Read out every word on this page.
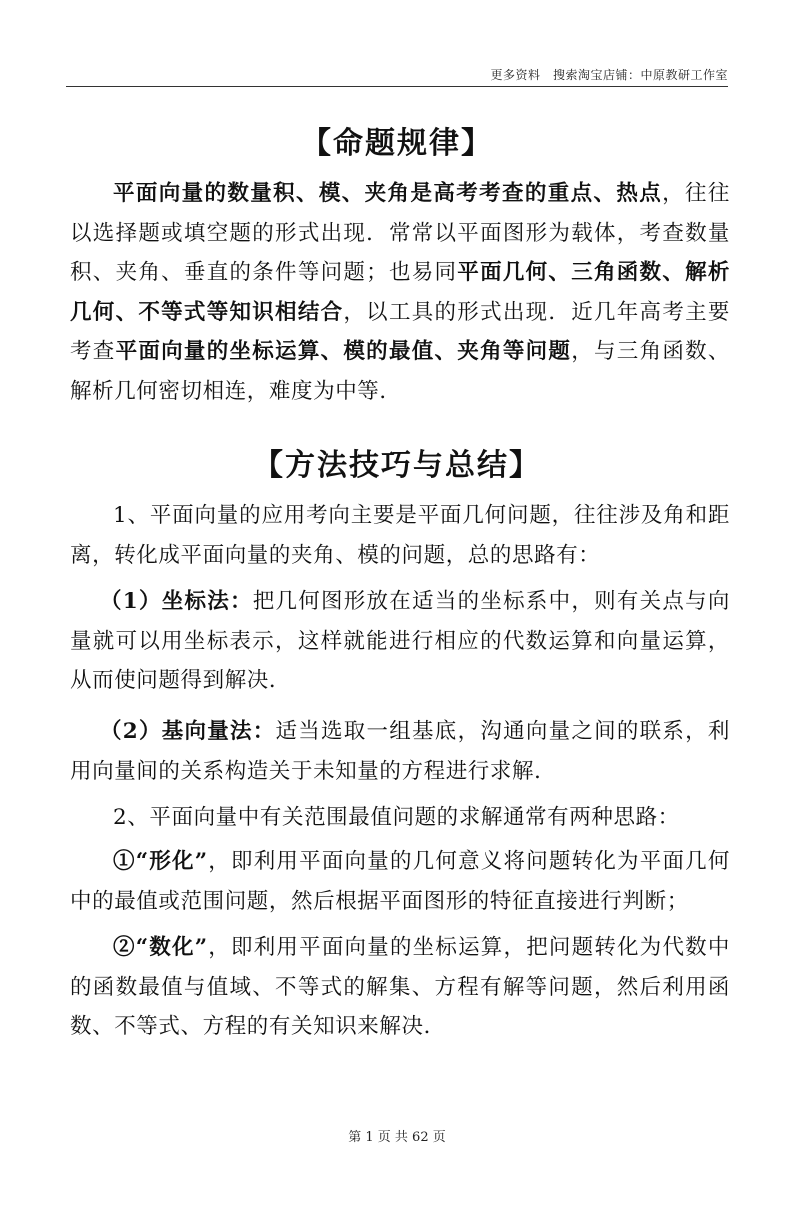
更多资料　搜索淘宝店铺：中原教研工作室
【命题规律】

平面向量的数量积、模、夹角是高考考查的重点、热点，往往以选择题或填空题的形式出现．常常以平面图形为载体，考查数量积、夹角、垂直的条件等问题；也易同平面几何、三角函数、解析几何、不等式等知识相结合，以工具的形式出现．近几年高考主要考查平面向量的坐标运算、模的最值、夹角等问题，与三角函数、解析几何密切相连，难度为中等．

【方法技巧与总结】

1、平面向量的应用考向主要是平面几何问题，往往涉及角和距离，转化成平面向量的夹角、模的问题，总的思路有：

（1）坐标法：把几何图形放在适当的坐标系中，则有关点与向量就可以用坐标表示，这样就能进行相应的代数运算和向量运算，从而使问题得到解决．

（2）基向量法：适当选取一组基底，沟通向量之间的联系，利用向量间的关系构造关于未知量的方程进行求解．

2、平面向量中有关范围最值问题的求解通常有两种思路：

①“形化”，即利用平面向量的几何意义将问题转化为平面几何中的最值或范围问题，然后根据平面图形的特征直接进行判断；

②“数化”，即利用平面向量的坐标运算，把问题转化为代数中的函数最值与值域、不等式的解集、方程有解等问题，然后利用函数、不等式、方程的有关知识来解决．

第 1 页 共 62 页
